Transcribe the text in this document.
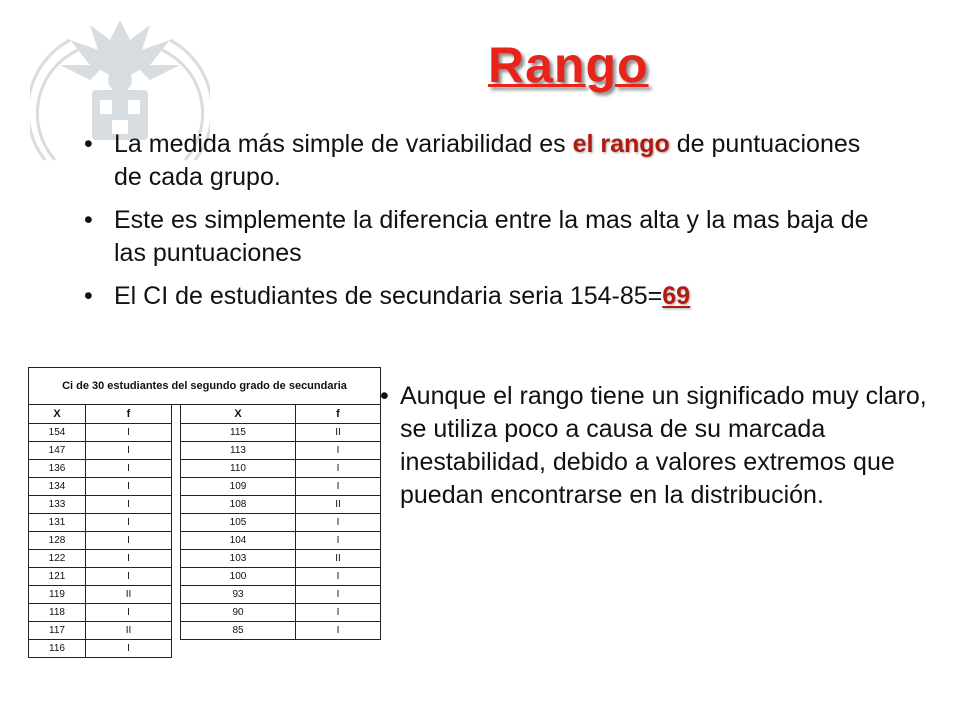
Rango
• La medida más simple de variabilidad es el rango de puntuaciones de cada grupo.
• Este es simplemente la diferencia entre la mas alta y la mas baja de las puntuaciones
• El CI de estudiantes de secundaria seria 154-85=69
Ci de 30 estudiantes del segundo grado de secundaria				
X	f		X	f
154	I		115	II
147	I		113	I
136	I		110	I
134	I		109	I
133	I		108	II
131	I		105	I
128	I		104	I
122	I		103	II
121	I		100	I
119	II		93	I
118	I		90	I
117	II		85	I
116	I			
• Aunque el rango tiene un significado muy claro, se utiliza poco a causa de su marcada inestabilidad, debido a valores extremos que puedan encontrarse en la distribución.
